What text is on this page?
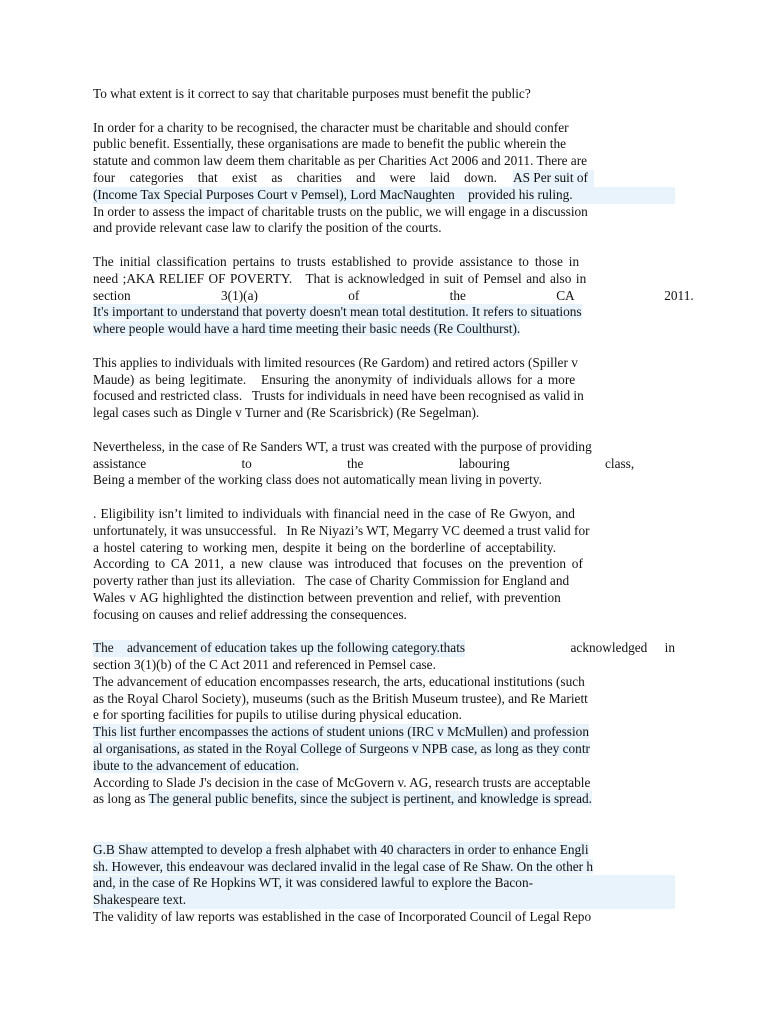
To what extent is it correct to say that charitable purposes must benefit the public?
In order for a charity to be recognised, the character must be charitable and should confer
public benefit. Essentially, these organisations are made to benefit the public wherein the
statute and common law deem them charitable as per Charities Act 2006 and 2011. There are
four categories that exist as charities and were laid down. AS Per suit of
(Income Tax Special Purposes Court v Pemsel), Lord MacNaughten    provided his ruling.
In order to assess the impact of charitable trusts on the public, we will engage in a discussion
and provide relevant case law to clarify the position of the courts.
The initial classification pertains to trusts established to provide assistance to those in
need ;AKA RELIEF OF POVERTY.   That is acknowledged in suit of Pemsel and also in
section 3(1)(a) of the CA 2011.
It's important to understand that poverty doesn't mean total destitution. It refers to situations
where people would have a hard time meeting their basic needs (Re Coulthurst).
This applies to individuals with limited resources (Re Gardom) and retired actors (Spiller v
Maude) as being legitimate.   Ensuring the anonymity of individuals allows for a more
focused and restricted class.   Trusts for individuals in need have been recognised as valid in
legal cases such as Dingle v Turner and (Re Scarisbrick) (Re Segelman).
Nevertheless, in the case of Re Sanders WT, a trust was created with the purpose of providing
assistance to the labouring class,
Being a member of the working class does not automatically mean living in poverty.
. Eligibility isn’t limited to individuals with financial need in the case of Re Gwyon, and
unfortunately, it was unsuccessful.   In Re Niyazi’s WT, Megarry VC deemed a trust valid for
a hostel catering to working men, despite it being on the borderline of acceptability.
According to CA 2011, a new clause was introduced that focuses on the prevention of
poverty rather than just its alleviation.   The case of Charity Commission for England and
Wales v AG highlighted the distinction between prevention and relief, with prevention
focusing on causes and relief addressing the consequences.
The    advancement of education takes up the following category.thats	acknowledged in
section 3(1)(b) of the C Act 2011 and referenced in Pemsel case.
The advancement of education encompasses research, the arts, educational institutions (such
as the Royal Charol Society), museums (such as the British Museum trustee), and Re Mariett
e for sporting facilities for pupils to utilise during physical education.
This list further encompasses the actions of student unions (IRC v McMullen) and profession
al organisations, as stated in the Royal College of Surgeons v NPB case, as long as they contr
ibute to the advancement of education.
According to Slade J's decision in the case of McGovern v. AG, research trusts are acceptable
as long as The general public benefits, since the subject is pertinent, and knowledge is spread.
G.B Shaw attempted to develop a fresh alphabet with 40 characters in order to enhance Engli
sh. However, this endeavour was declared invalid in the legal case of Re Shaw. On the other h
and, in the case of Re Hopkins WT, it was considered lawful to explore the Bacon-
Shakespeare text.
The validity of law reports was established in the case of Incorporated Council of Legal Repo
